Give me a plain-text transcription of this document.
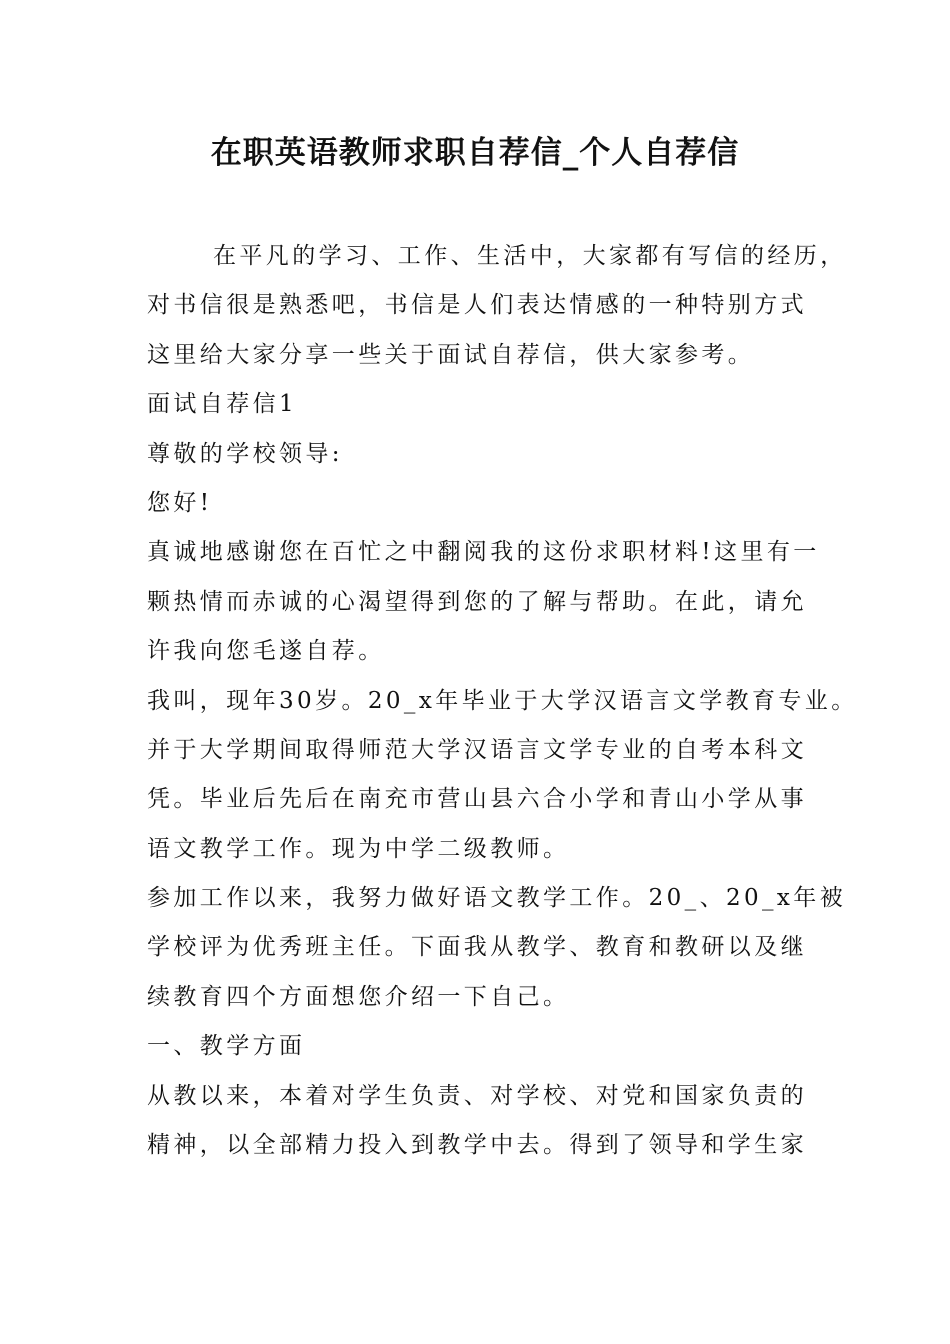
在职英语教师求职自荐信_个人自荐信
在平凡的学习、工作、生活中，大家都有写信的经历，
对书信很是熟悉吧，书信是人们表达情感的一种特别方式
这里给大家分享一些关于面试自荐信，供大家参考。
面试自荐信1
尊敬的学校领导:
您好!
真诚地感谢您在百忙之中翻阅我的这份求职材料!这里有一
颗热情而赤诚的心渴望得到您的了解与帮助。在此，请允
许我向您毛遂自荐。
我叫，现年30岁。20_x年毕业于大学汉语言文学教育专业。
并于大学期间取得师范大学汉语言文学专业的自考本科文
凭。毕业后先后在南充市营山县六合小学和青山小学从事
语文教学工作。现为中学二级教师。
参加工作以来，我努力做好语文教学工作。20_、20_x年被
学校评为优秀班主任。下面我从教学、教育和教研以及继
续教育四个方面想您介绍一下自己。
一、教学方面
从教以来，本着对学生负责、对学校、对党和国家负责的
精神，以全部精力投入到教学中去。得到了领导和学生家
